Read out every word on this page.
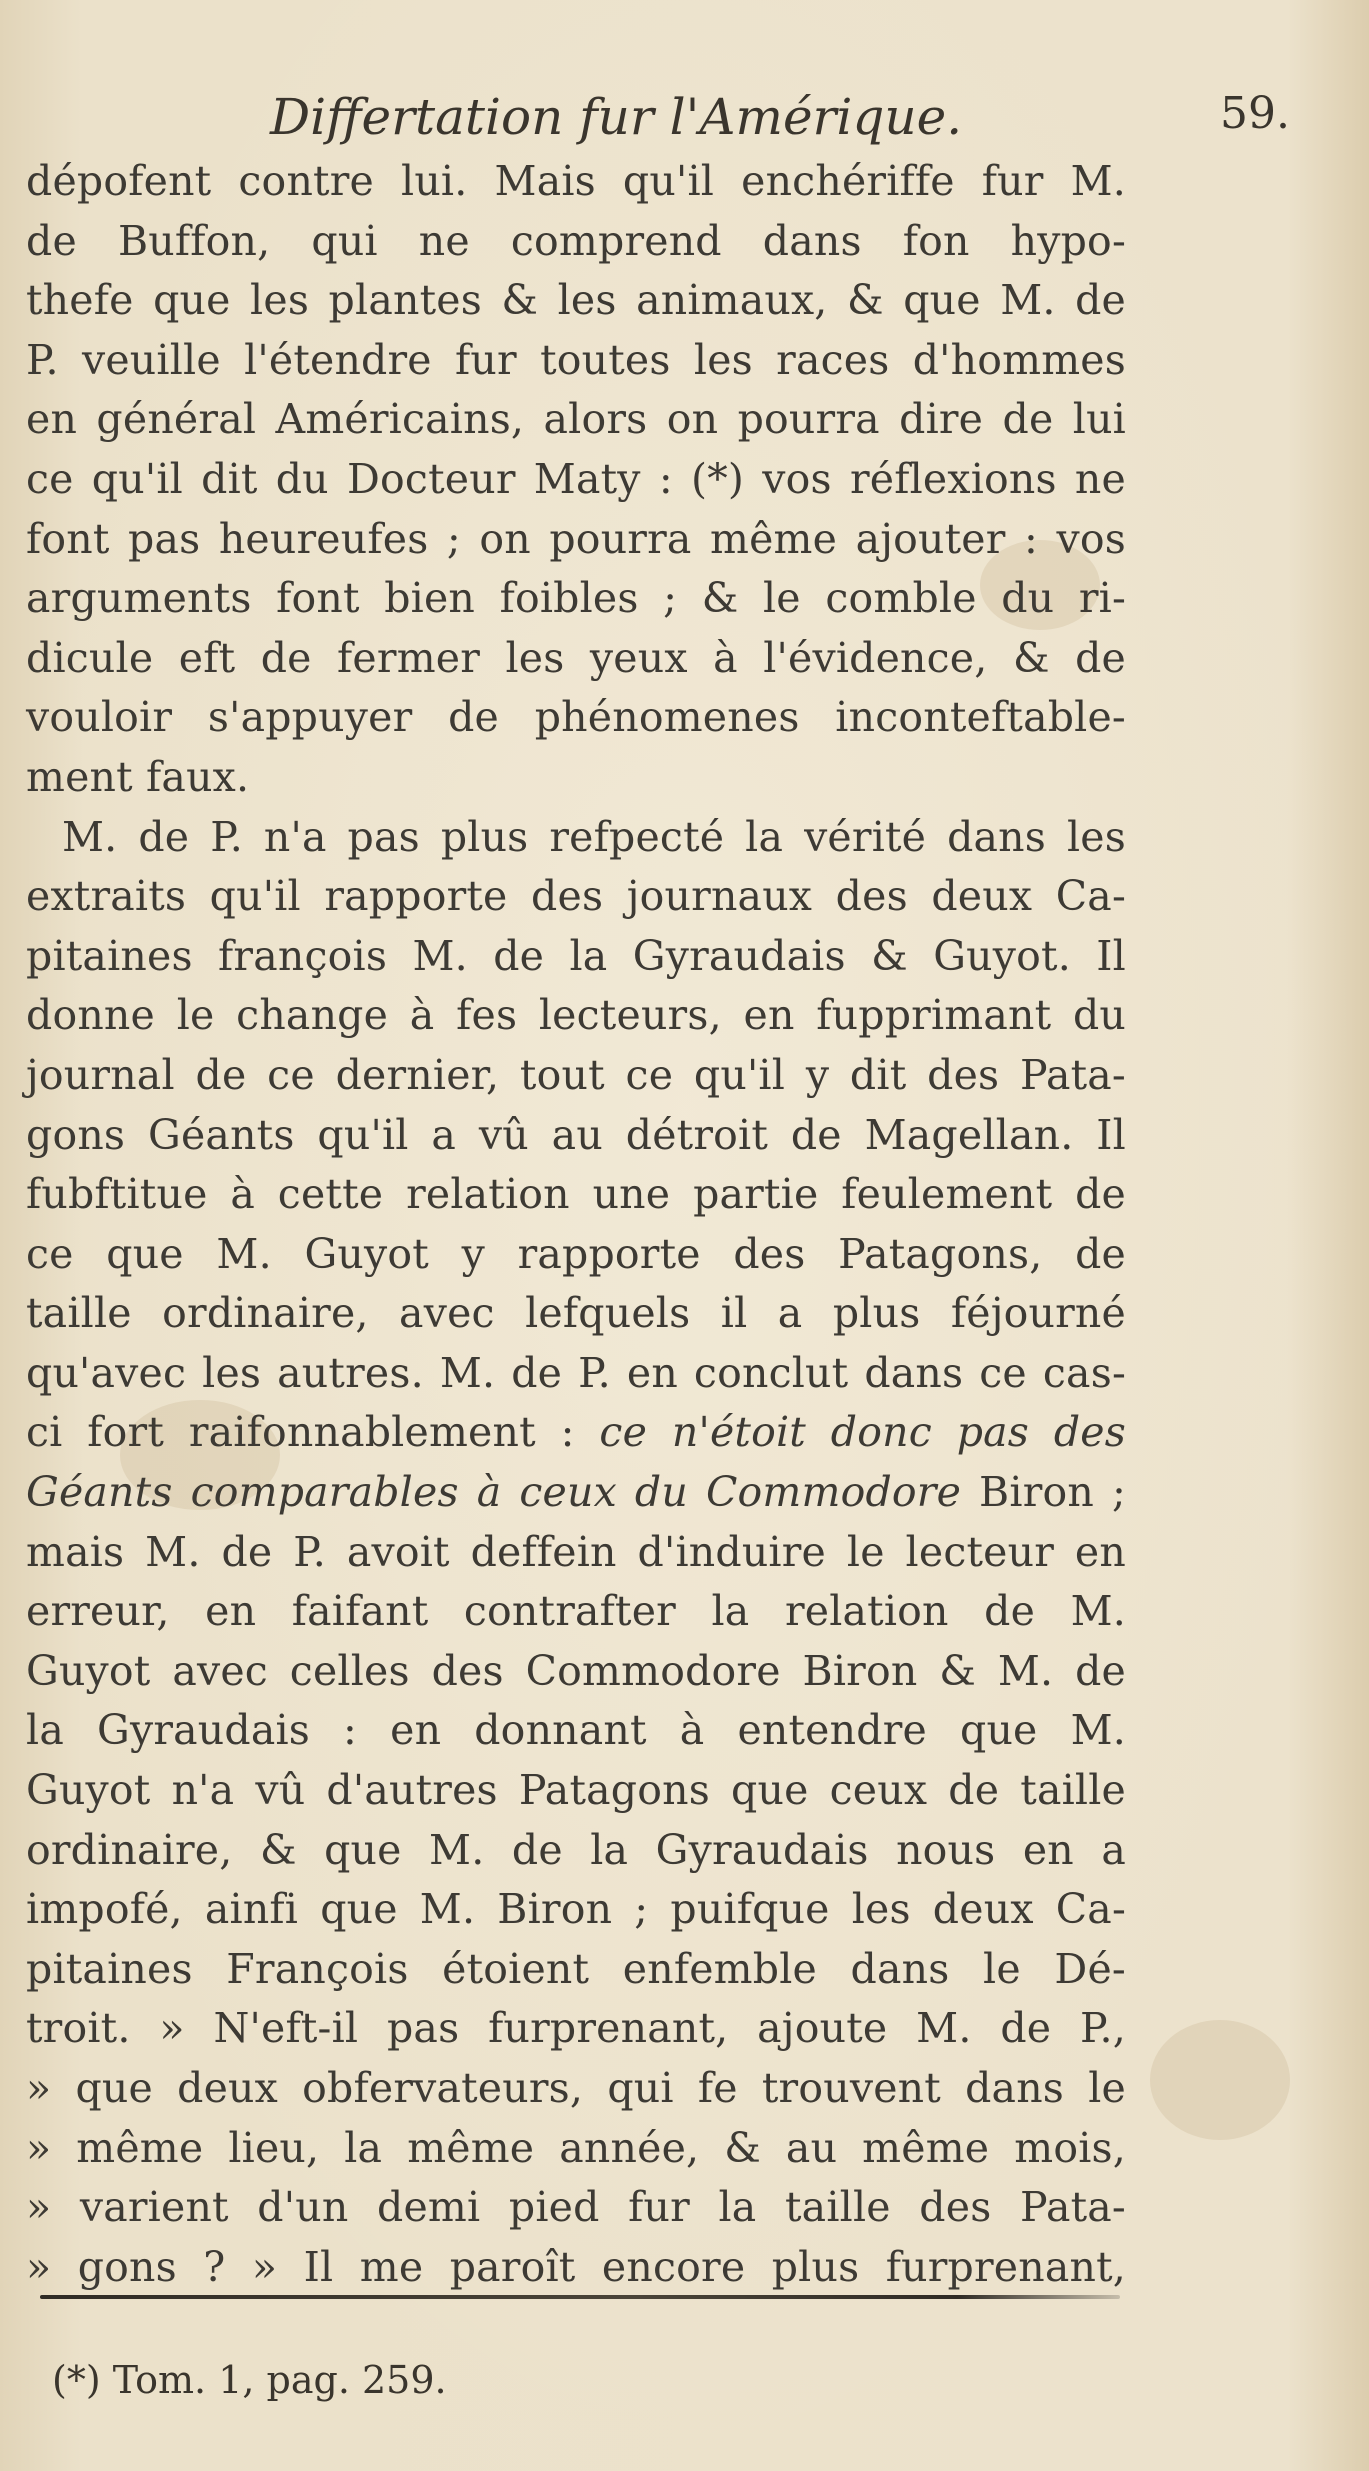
Differtation fur l'Amérique.	59.
dépofent contre lui. Mais qu'il enchériffe fur M.
de Buffon, qui ne comprend dans fon hypo-
thefe que les plantes & les animaux, & que M. de
P. veuille l'étendre fur toutes les races d'hommes
en général Américains, alors on pourra dire de lui
ce qu'il dit du Docteur Maty : (*) vos réflexions ne
font pas heureufes ; on pourra même ajouter : vos
arguments font bien foibles ; & le comble du ri-
dicule eft de fermer les yeux à l'évidence, & de
vouloir s'appuyer de phénomenes inconteftable-
ment faux.
M. de P. n'a pas plus refpecté la vérité dans les
extraits qu'il rapporte des journaux des deux Ca-
pitaines françois M. de la Gyraudais & Guyot. Il
donne le change à fes lecteurs, en fupprimant du
journal de ce dernier, tout ce qu'il y dit des Pata-
gons Géants qu'il a vû au détroit de Magellan. Il
fubftitue à cette relation une partie feulement de
ce que M. Guyot y rapporte des Patagons, de
taille ordinaire, avec lefquels il a plus féjourné
qu'avec les autres. M. de P. en conclut dans ce cas-
ci fort raifonnablement : ce n'étoit donc pas des
Géants comparables à ceux du Commodore Biron ;
mais M. de P. avoit deffein d'induire le lecteur en
erreur, en faifant contrafter la relation de M.
Guyot avec celles des Commodore Biron & M. de
la Gyraudais : en donnant à entendre que M.
Guyot n'a vû d'autres Patagons que ceux de taille
ordinaire, & que M. de la Gyraudais nous en a
impofé, ainfi que M. Biron ; puifque les deux Ca-
pitaines François étoient enfemble dans le Dé-
troit. » N'eft-il pas furprenant, ajoute M. de P.,
» que deux obfervateurs, qui fe trouvent dans le
» même lieu, la même année, & au même mois,
» varient d'un demi pied fur la taille des Pata-
» gons ? » Il me paroît encore plus furprenant,
(*) Tom. 1, pag. 259.
